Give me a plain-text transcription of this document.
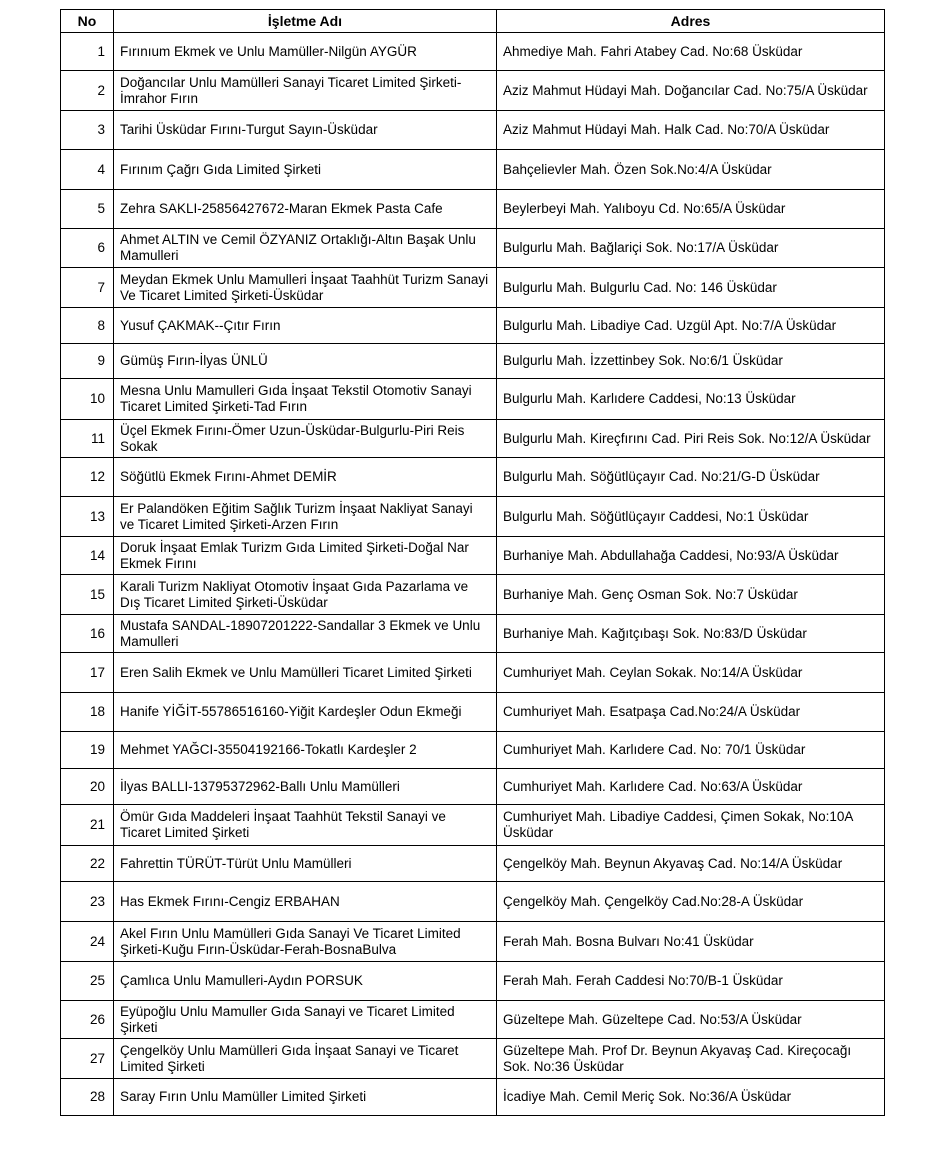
No	İşletme Adı	Adres
1	Fırınıum Ekmek ve Unlu Mamüller-Nilgün AYGÜR	Ahmediye Mah. Fahri Atabey Cad. No:68 Üsküdar
2	Doğancılar Unlu Mamülleri Sanayi Ticaret Limited Şirketi-İmrahor Fırın	Aziz Mahmut Hüdayi Mah. Doğancılar Cad. No:75/A Üsküdar
3	Tarihi Üsküdar Fırını-Turgut Sayın-Üsküdar	Aziz Mahmut Hüdayi Mah. Halk Cad. No:70/A Üsküdar
4	Fırınım Çağrı Gıda Limited Şirketi	Bahçelievler Mah. Özen Sok.No:4/A Üsküdar
5	Zehra SAKLI-25856427672-Maran Ekmek Pasta Cafe	Beylerbeyi Mah. Yalıboyu Cd. No:65/A Üsküdar
6	Ahmet ALTIN ve Cemil ÖZYANIZ Ortaklığı-Altın Başak Unlu Mamulleri	Bulgurlu Mah. Bağlariçi Sok. No:17/A Üsküdar
7	Meydan Ekmek Unlu Mamulleri İnşaat Taahhüt Turizm Sanayi Ve Ticaret Limited Şirketi-Üsküdar	Bulgurlu Mah. Bulgurlu Cad. No: 146 Üsküdar
8	Yusuf ÇAKMAK--Çıtır Fırın	Bulgurlu Mah. Libadiye Cad. Uzgül Apt. No:7/A Üsküdar
9	Gümüş Fırın-İlyas ÜNLÜ	Bulgurlu Mah. İzzettinbey Sok. No:6/1 Üsküdar
10	Mesna Unlu Mamulleri Gıda İnşaat Tekstil Otomotiv Sanayi Ticaret Limited Şirketi-Tad Fırın	Bulgurlu Mah. Karlıdere Caddesi, No:13 Üsküdar
11	Üçel Ekmek Fırını-Ömer Uzun-Üsküdar-Bulgurlu-Piri Reis Sokak	Bulgurlu Mah. Kireçfırını Cad. Piri Reis Sok. No:12/A Üsküdar
12	Söğütlü Ekmek Fırını-Ahmet DEMİR	Bulgurlu Mah. Söğütlüçayır Cad. No:21/G-D Üsküdar
13	Er Palandöken Eğitim Sağlık Turizm İnşaat Nakliyat Sanayi ve Ticaret Limited Şirketi-Arzen Fırın	Bulgurlu Mah. Söğütlüçayır Caddesi, No:1 Üsküdar
14	Doruk İnşaat Emlak Turizm Gıda Limited Şirketi-Doğal Nar Ekmek Fırını	Burhaniye Mah. Abdullahağa Caddesi, No:93/A Üsküdar
15	Karali Turizm Nakliyat Otomotiv İnşaat Gıda Pazarlama ve Dış Ticaret Limited Şirketi-Üsküdar	Burhaniye Mah. Genç Osman Sok. No:7 Üsküdar
16	Mustafa SANDAL-18907201222-Sandallar 3 Ekmek ve Unlu Mamulleri	Burhaniye Mah. Kağıtçıbaşı Sok. No:83/D Üsküdar
17	Eren Salih Ekmek ve Unlu Mamülleri Ticaret Limited Şirketi	Cumhuriyet Mah. Ceylan Sokak. No:14/A Üsküdar
18	Hanife YİĞİT-55786516160-Yiğit Kardeşler Odun Ekmeği	Cumhuriyet Mah. Esatpaşa Cad.No:24/A Üsküdar
19	Mehmet YAĞCI-35504192166-Tokatlı Kardeşler 2	Cumhuriyet Mah. Karlıdere Cad. No: 70/1 Üsküdar
20	İlyas BALLI-13795372962-Ballı Unlu Mamülleri	Cumhuriyet Mah. Karlıdere Cad. No:63/A Üsküdar
21	Ömür Gıda Maddeleri İnşaat Taahhüt Tekstil Sanayi ve Ticaret Limited Şirketi	Cumhuriyet Mah. Libadiye Caddesi, Çimen Sokak, No:10A Üsküdar
22	Fahrettin TÜRÜT-Türüt Unlu Mamülleri	Çengelköy Mah. Beynun Akyavaş Cad. No:14/A Üsküdar
23	Has Ekmek Fırını-Cengiz ERBAHAN	Çengelköy Mah. Çengelköy Cad.No:28-A Üsküdar
24	Akel Fırın Unlu Mamülleri Gıda Sanayi Ve Ticaret Limited Şirketi-Kuğu Fırın-Üsküdar-Ferah-BosnaBulva	Ferah Mah. Bosna Bulvarı No:41 Üsküdar
25	Çamlıca Unlu Mamulleri-Aydın PORSUK	Ferah Mah. Ferah Caddesi No:70/B-1 Üsküdar
26	Eyüpoğlu Unlu Mamuller Gıda Sanayi ve Ticaret Limited Şirketi	Güzeltepe Mah. Güzeltepe Cad. No:53/A Üsküdar
27	Çengelköy Unlu Mamülleri Gıda İnşaat Sanayi ve Ticaret Limited Şirketi	Güzeltepe Mah. Prof Dr. Beynun Akyavaş Cad. Kireçocağı Sok. No:36 Üsküdar
28	Saray Fırın Unlu Mamüller Limited Şirketi	İcadiye Mah. Cemil Meriç Sok. No:36/A Üsküdar
